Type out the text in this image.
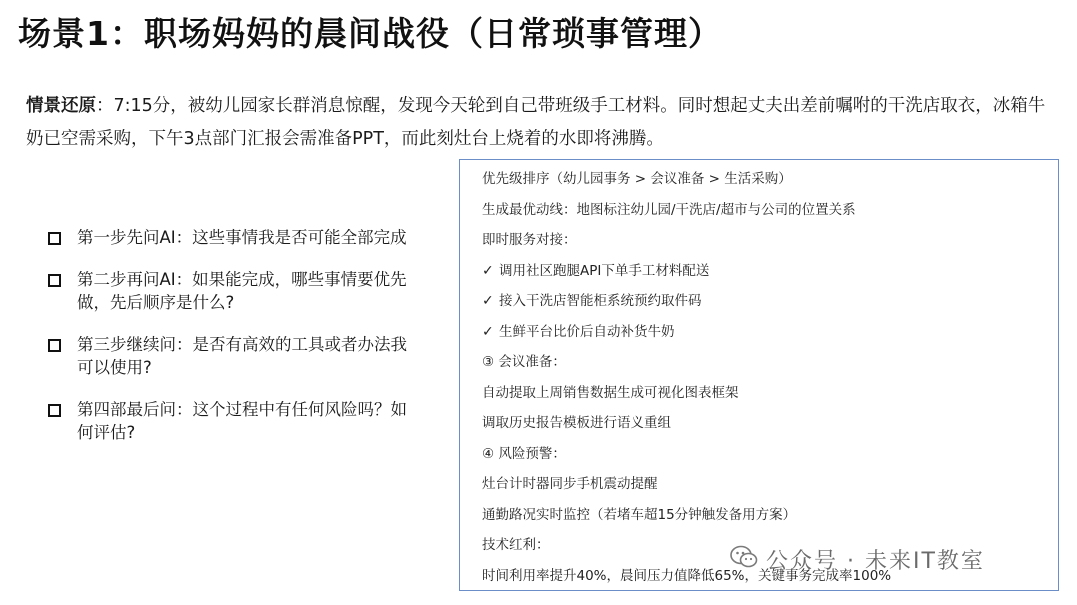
场景1：职场妈妈的晨间战役（日常琐事管理）
情景还原：7:15分，被幼儿园家长群消息惊醒，发现今天轮到自己带班级手工材料。同时想起丈夫出差前嘱咐的干洗店取衣，冰箱牛奶已空需采购，下午3点部门汇报会需准备PPT，而此刻灶台上烧着的水即将沸腾。
第一步先问AI：这些事情我是否可能全部完成
第二步再问AI：如果能完成，哪些事情要优先做，先后顺序是什么?
第三步继续问：是否有高效的工具或者办法我可以使用?
第四部最后问：这个过程中有任何风险吗？如何评估?
优先级排序（幼儿园事务 > 会议准备 > 生活采购）
生成最优动线：地图标注幼儿园/干洗店/超市与公司的位置关系
即时服务对接：
✓ 调用社区跑腿API下单手工材料配送
✓ 接入干洗店智能柜系统预约取件码
✓ 生鲜平台比价后自动补货牛奶
③ 会议准备：
自动提取上周销售数据生成可视化图表框架
调取历史报告模板进行语义重组
④ 风险预警：
灶台计时器同步手机震动提醒
通勤路况实时监控（若堵车超15分钟触发备用方案）
技术红利：
时间利用率提升40%，晨间压力值降低65%，关键事务完成率100%
公众号 · 未来IT教室
